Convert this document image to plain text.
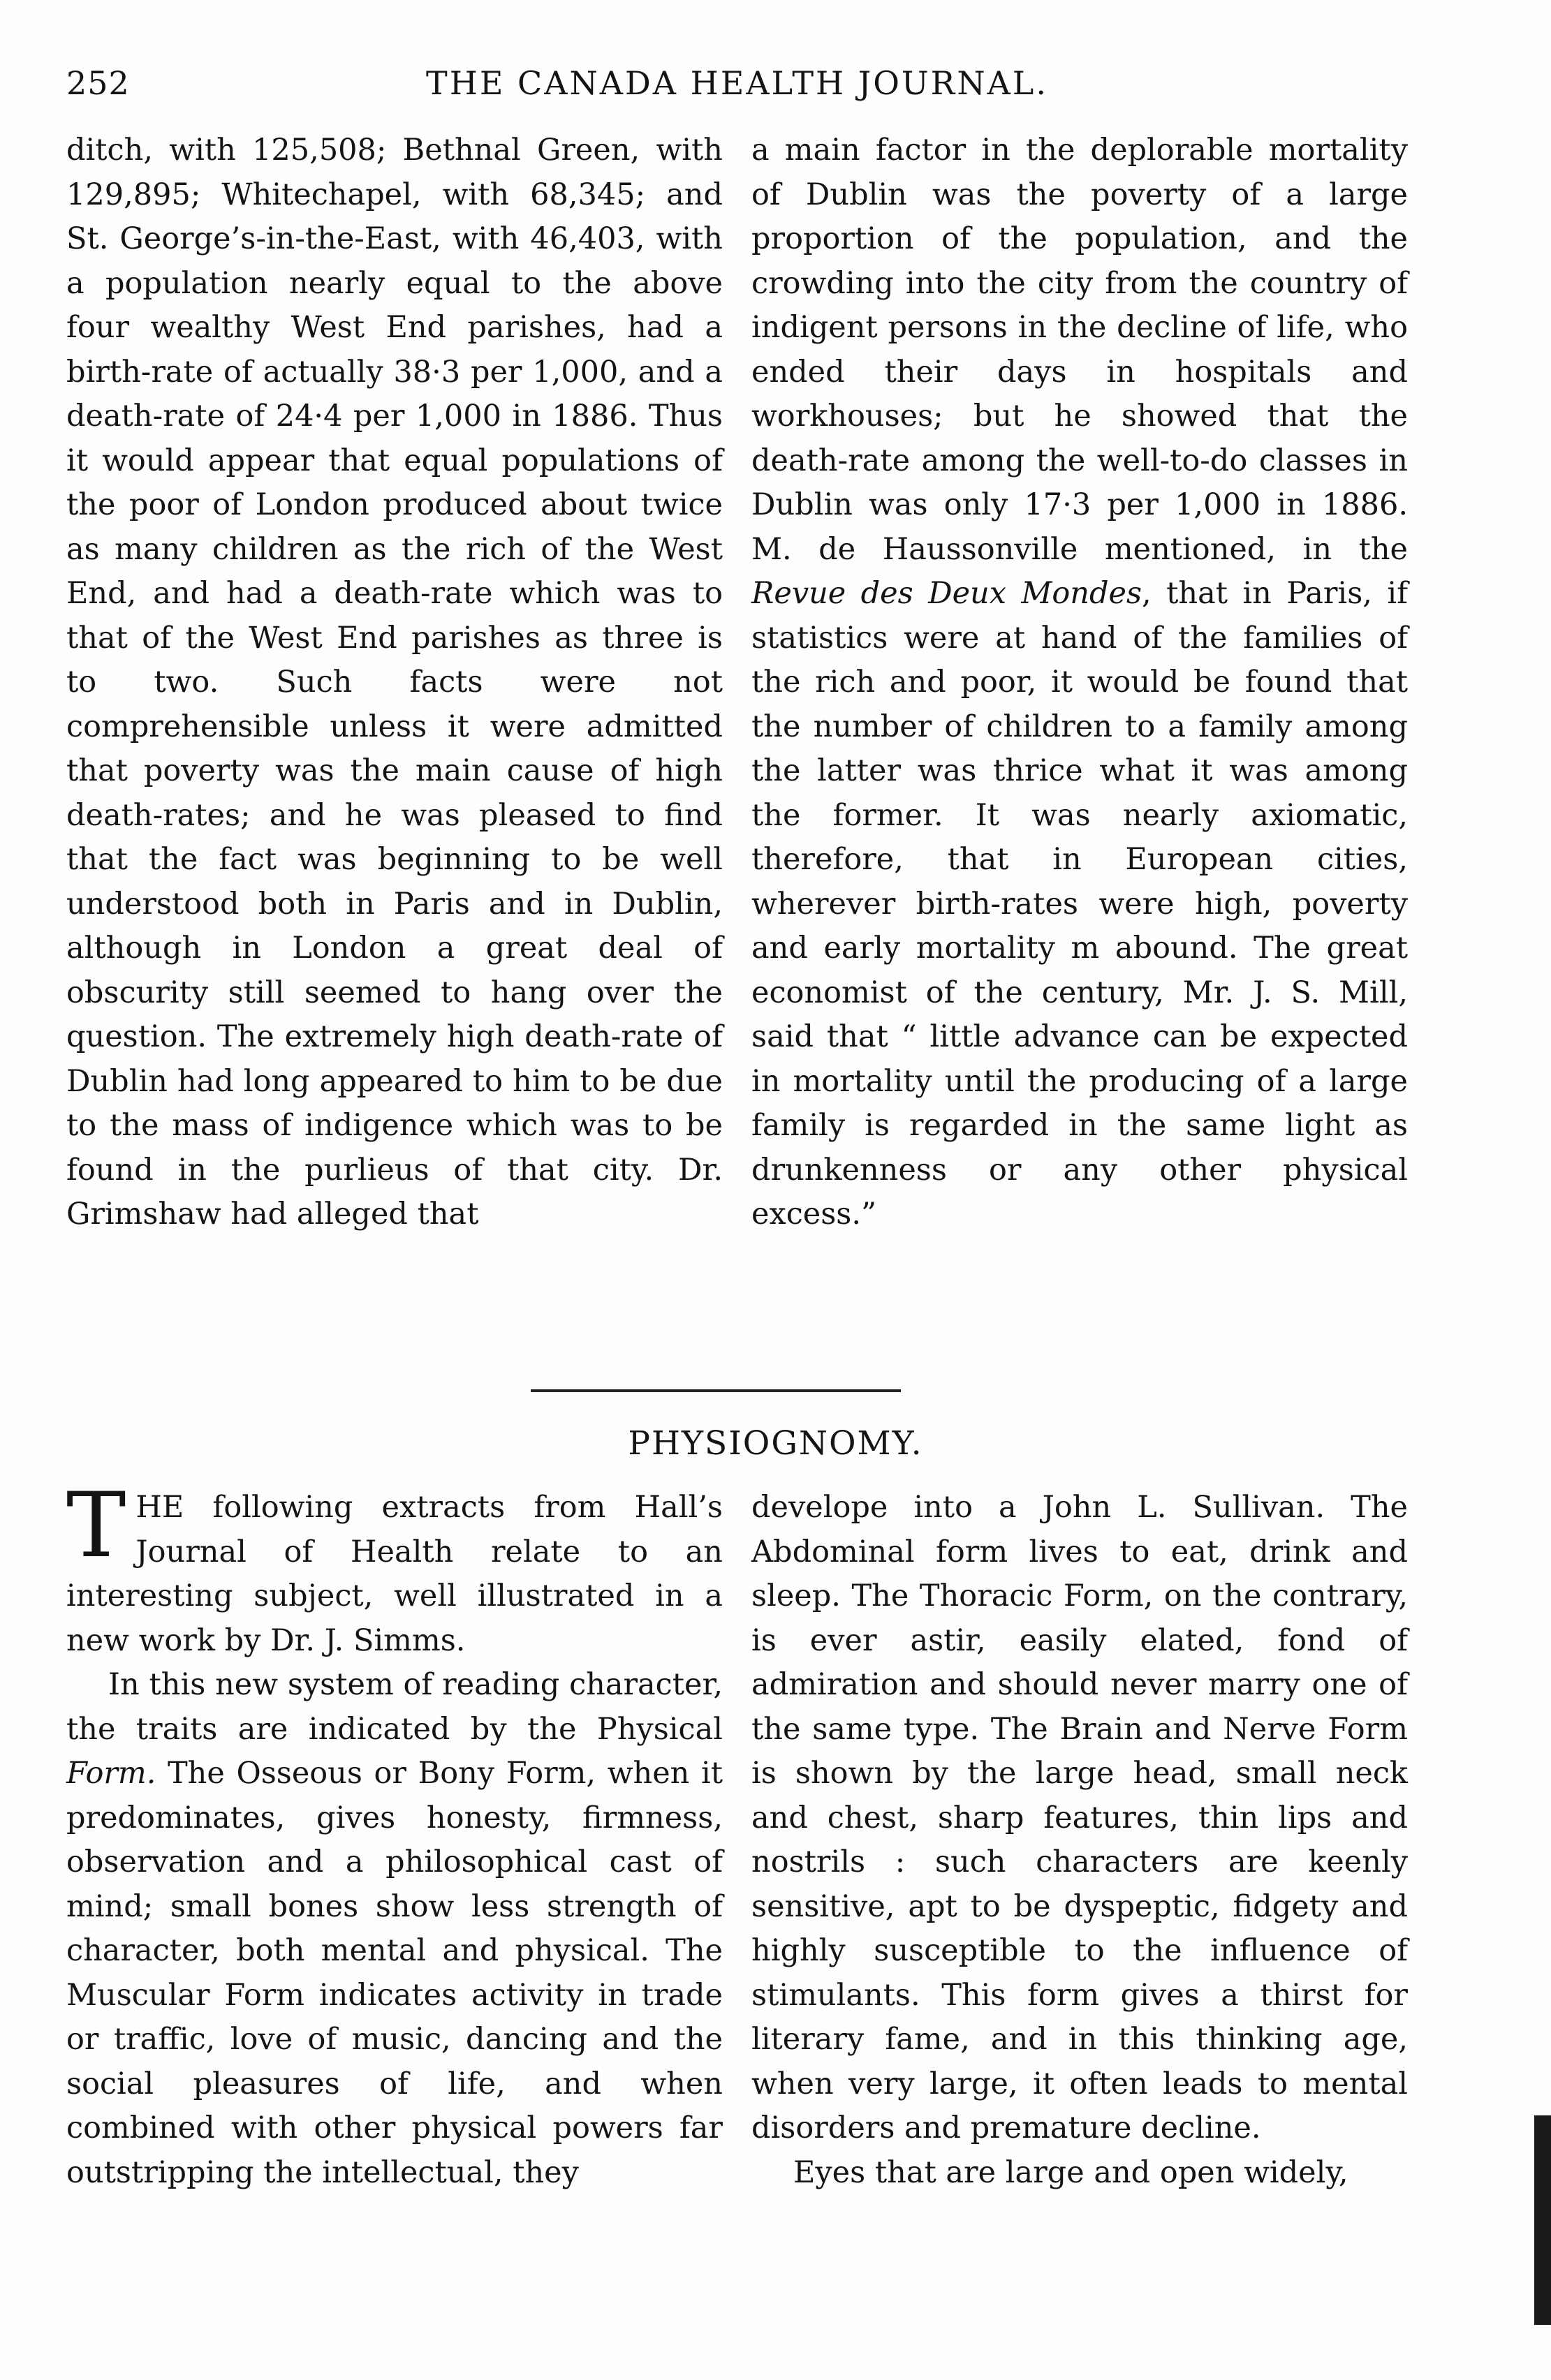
252	THE CANADA HEALTH JOURNAL.

ditch, with 125,508; Bethnal Green, with 129,895; Whitechapel, with 68,345; and St. George’s-in-the-East, with 46,403, with a population nearly equal to the above four wealthy West End parishes, had a birth-rate of actually 38·3 per 1,000, and a death-rate of 24·4 per 1,000 in 1886. Thus it would appear that equal populations of the poor of London produced about twice as many children as the rich of the West End, and had a death-rate which was to that of the West End parishes as three is to two. Such facts were not comprehensible unless it were admitted that poverty was the main cause of high death-rates; and he was pleased to find that the fact was beginning to be well understood both in Paris and in Dublin, although in London a great deal of obscurity still seemed to hang over the question. The extremely high death-rate of Dublin had long appeared to him to be due to the mass of indigence which was to be found in the purlieus of that city. Dr. Grimshaw had alleged that

a main factor in the deplorable mortality of Dublin was the poverty of a large proportion of the population, and the crowding into the city from the country of indigent persons in the decline of life, who ended their days in hospitals and workhouses; but he showed that the death-rate among the well-to-do classes in Dublin was only 17·3 per 1,000 in 1886. M. de Haussonville mentioned, in the Revue des Deux Mondes, that in Paris, if statistics were at hand of the families of the rich and poor, it would be found that the number of children to a family among the latter was thrice what it was among the former. It was nearly axiomatic, therefore, that in European cities, wherever birth-rates were high, poverty and early mortality m abound. The great economist of the century, Mr. J. S. Mill, said that “ little advance can be expected in mortality until the producing of a large family is regarded in the same light as drunkenness or any other physical excess.”

PHYSIOGNOMY.

THE following extracts from Hall’s Journal of Health relate to an interesting subject, well illustrated in a new work by Dr. J. Simms.

In this new system of reading character, the traits are indicated by the Physical Form. The Osseous or Bony Form, when it predominates, gives honesty, firmness, observation and a philosophical cast of mind; small bones show less strength of character, both mental and physical. The Muscular Form indicates activity in trade or traffic, love of music, dancing and the social pleasures of life, and when combined with other physical powers far outstripping the intellectual, they

develope into a John L. Sullivan. The Abdominal form lives to eat, drink and sleep. The Thoracic Form, on the contrary, is ever astir, easily elated, fond of admiration and should never marry one of the same type. The Brain and Nerve Form is shown by the large head, small neck and chest, sharp features, thin lips and nostrils : such characters are keenly sensitive, apt to be dyspeptic, fidgety and highly susceptible to the influence of stimulants. This form gives a thirst for literary fame, and in this thinking age, when very large, it often leads to mental disorders and premature decline.

Eyes that are large and open widely,
